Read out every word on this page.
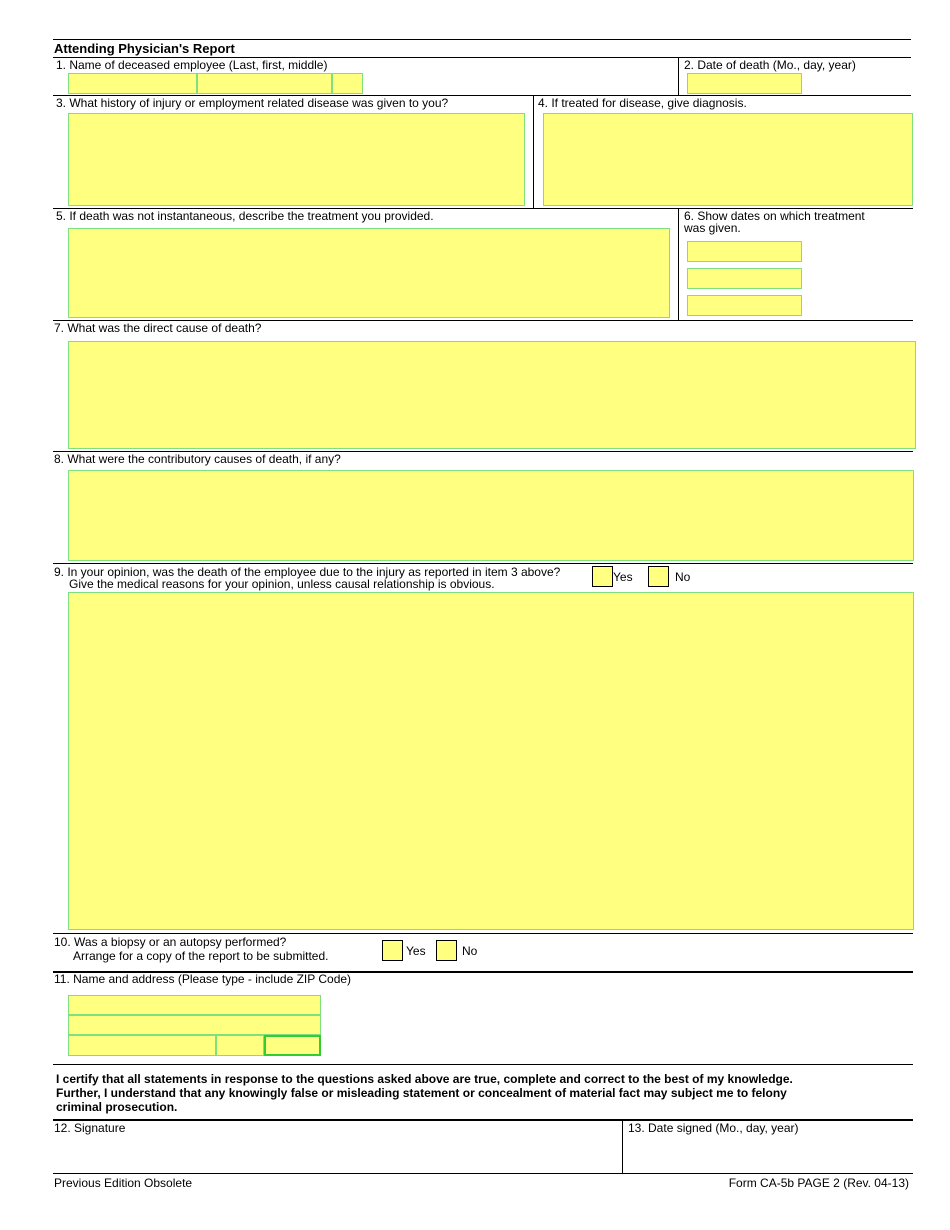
Attending Physician's Report
1. Name of deceased employee (Last, first, middle)	2. Date of death (Mo., day, year)
3. What history of injury or employment related disease was given to you?	4. If treated for disease, give diagnosis.
5. If death was not instantaneous, describe the treatment you provided.	6. Show dates on which treatment
was given.
7. What was the direct cause of death?
8. What were the contributory causes of death, if any?
9. In your opinion, was the death of the employee due to the injury as reported in item 3 above?
Give the medical reasons for your opinion, unless causal relationship is obvious.	Yes	No
10. Was a biopsy or an autopsy performed?
Arrange for a copy of the report to be submitted.	Yes	No
11. Name and address (Please type - include ZIP Code)
I certify that all statements in response to the questions asked above are true, complete and correct to the best of my knowledge.
Further, I understand that any knowingly false or misleading statement or concealment of material fact may subject me to felony
criminal prosecution.
12. Signature	13. Date signed (Mo., day, year)
Previous Edition Obsolete	Form CA-5b PAGE 2 (Rev. 04-13)
